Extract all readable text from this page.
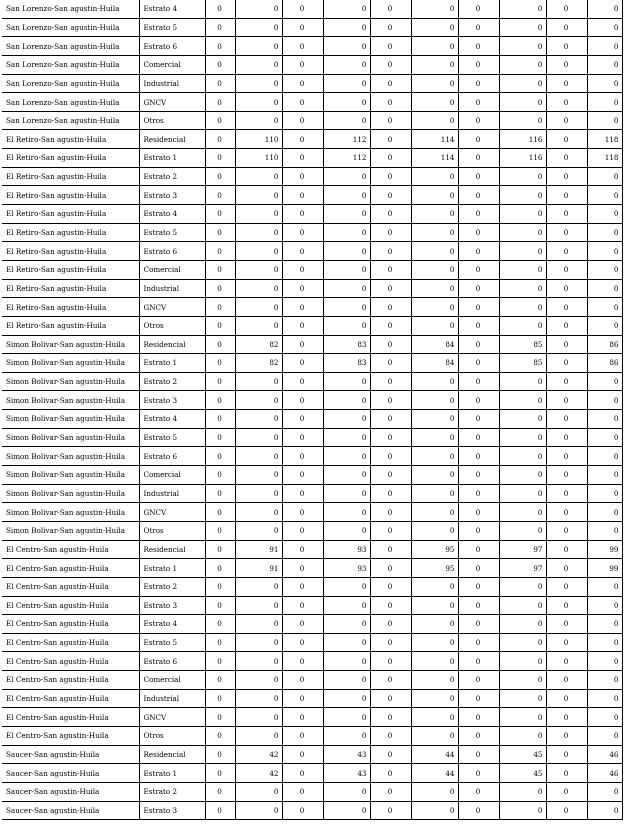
San Lorenzo-San agustin-Huila	Estrato 4	0	0	0	0	0	0	0	0	0	0
San Lorenzo-San agustin-Huila	Estrato 5	0	0	0	0	0	0	0	0	0	0
San Lorenzo-San agustin-Huila	Estrato 6	0	0	0	0	0	0	0	0	0	0
San Lorenzo-San agustin-Huila	Comercial	0	0	0	0	0	0	0	0	0	0
San Lorenzo-San agustin-Huila	Industrial	0	0	0	0	0	0	0	0	0	0
San Lorenzo-San agustin-Huila	GNCV	0	0	0	0	0	0	0	0	0	0
San Lorenzo-San agustin-Huila	Otros	0	0	0	0	0	0	0	0	0	0
El Retiro-San agustin-Huila	Residencial	0	110	0	112	0	114	0	116	0	118
El Retiro-San agustin-Huila	Estrato 1	0	110	0	112	0	114	0	116	0	118
El Retiro-San agustin-Huila	Estrato 2	0	0	0	0	0	0	0	0	0	0
El Retiro-San agustin-Huila	Estrato 3	0	0	0	0	0	0	0	0	0	0
El Retiro-San agustin-Huila	Estrato 4	0	0	0	0	0	0	0	0	0	0
El Retiro-San agustin-Huila	Estrato 5	0	0	0	0	0	0	0	0	0	0
El Retiro-San agustin-Huila	Estrato 6	0	0	0	0	0	0	0	0	0	0
El Retiro-San agustin-Huila	Comercial	0	0	0	0	0	0	0	0	0	0
El Retiro-San agustin-Huila	Industrial	0	0	0	0	0	0	0	0	0	0
El Retiro-San agustin-Huila	GNCV	0	0	0	0	0	0	0	0	0	0
El Retiro-San agustin-Huila	Otros	0	0	0	0	0	0	0	0	0	0
Simon Bolivar-San agustin-Huila	Residencial	0	82	0	83	0	84	0	85	0	86
Simon Bolivar-San agustin-Huila	Estrato 1	0	82	0	83	0	84	0	85	0	86
Simon Bolivar-San agustin-Huila	Estrato 2	0	0	0	0	0	0	0	0	0	0
Simon Bolivar-San agustin-Huila	Estrato 3	0	0	0	0	0	0	0	0	0	0
Simon Bolivar-San agustin-Huila	Estrato 4	0	0	0	0	0	0	0	0	0	0
Simon Bolivar-San agustin-Huila	Estrato 5	0	0	0	0	0	0	0	0	0	0
Simon Bolivar-San agustin-Huila	Estrato 6	0	0	0	0	0	0	0	0	0	0
Simon Bolivar-San agustin-Huila	Comercial	0	0	0	0	0	0	0	0	0	0
Simon Bolivar-San agustin-Huila	Industrial	0	0	0	0	0	0	0	0	0	0
Simon Bolivar-San agustin-Huila	GNCV	0	0	0	0	0	0	0	0	0	0
Simon Bolivar-San agustin-Huila	Otros	0	0	0	0	0	0	0	0	0	0
El Centro-San agustin-Huila	Residencial	0	91	0	93	0	95	0	97	0	99
El Centro-San agustin-Huila	Estrato 1	0	91	0	93	0	95	0	97	0	99
El Centro-San agustin-Huila	Estrato 2	0	0	0	0	0	0	0	0	0	0
El Centro-San agustin-Huila	Estrato 3	0	0	0	0	0	0	0	0	0	0
El Centro-San agustin-Huila	Estrato 4	0	0	0	0	0	0	0	0	0	0
El Centro-San agustin-Huila	Estrato 5	0	0	0	0	0	0	0	0	0	0
El Centro-San agustin-Huila	Estrato 6	0	0	0	0	0	0	0	0	0	0
El Centro-San agustin-Huila	Comercial	0	0	0	0	0	0	0	0	0	0
El Centro-San agustin-Huila	Industrial	0	0	0	0	0	0	0	0	0	0
El Centro-San agustin-Huila	GNCV	0	0	0	0	0	0	0	0	0	0
El Centro-San agustin-Huila	Otros	0	0	0	0	0	0	0	0	0	0
Saucer-San agustin-Huila	Residencial	0	42	0	43	0	44	0	45	0	46
Saucer-San agustin-Huila	Estrato 1	0	42	0	43	0	44	0	45	0	46
Saucer-San agustin-Huila	Estrato 2	0	0	0	0	0	0	0	0	0	0
Saucer-San agustin-Huila	Estrato 3	0	0	0	0	0	0	0	0	0	0
